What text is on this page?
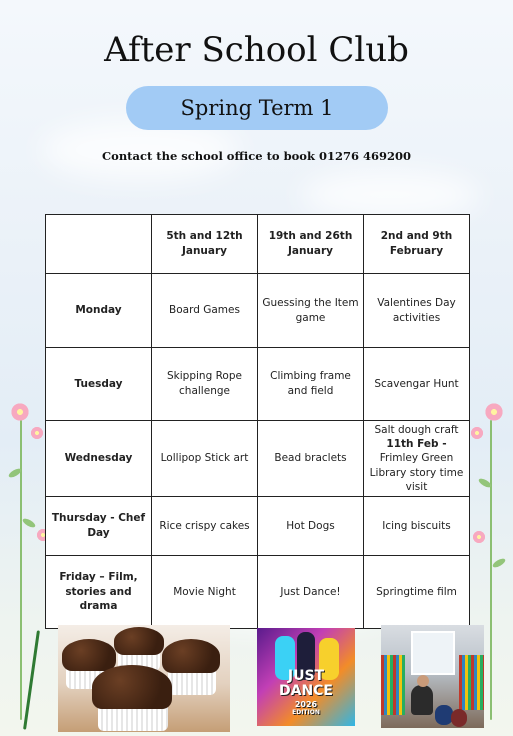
After School Club
Spring Term 1
Contact the school office to book 01276 469200
	5th and 12th January	19th and 26th January	2nd and 9th February
Monday	Board Games	Guessing the Item game	Valentines Day activities
Tuesday	Skipping Rope challenge	Climbing frame and field	Scavengar Hunt
Wednesday	Lollipop Stick art	Bead braclets	Salt dough craft
11th Feb - Frimley Green Library story time visit
Thursday - Chef Day	Rice crispy cakes	Hot Dogs	Icing biscuits
Friday – Film, stories and drama	Movie Night	Just Dance!	Springtime film
JUST
DANCE
2026
EDITION
